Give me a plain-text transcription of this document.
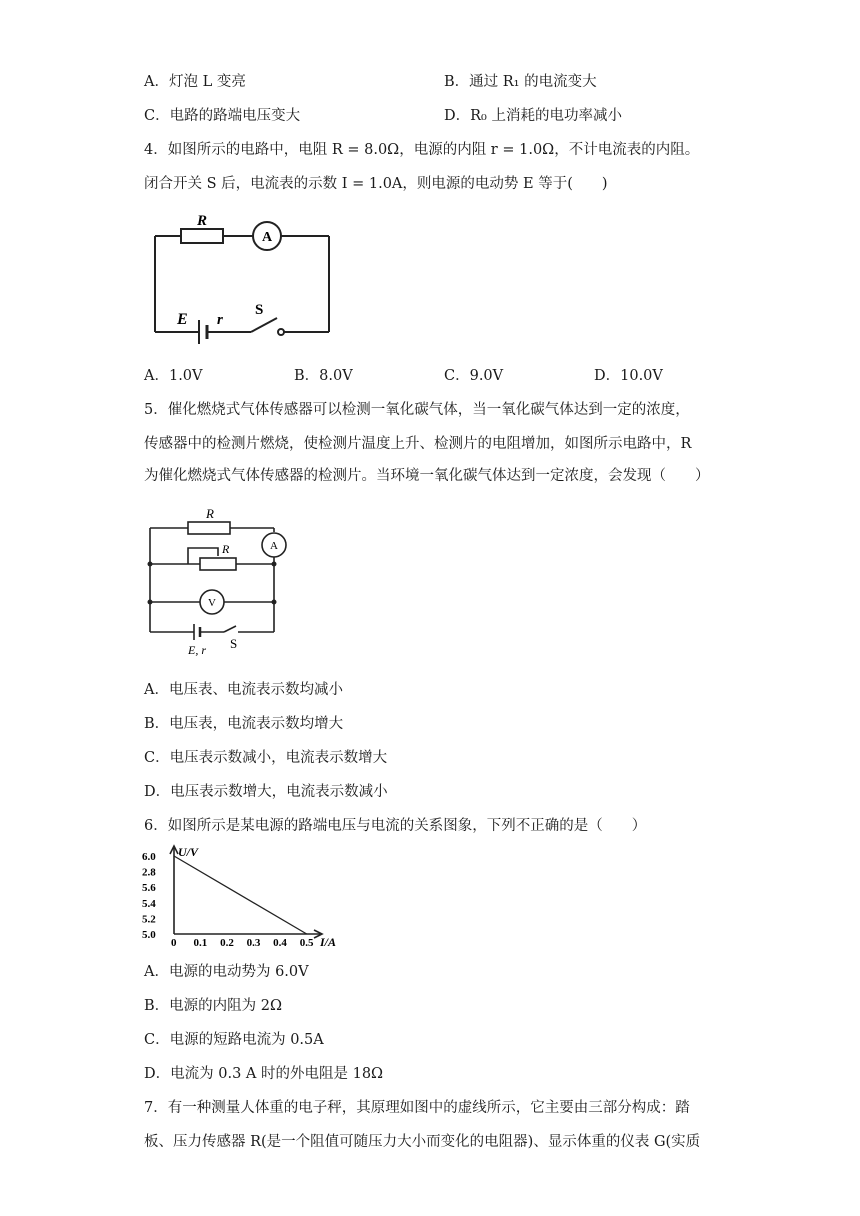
A．灯泡 L 变亮	B．通过 R₁ 的电流变大
C．电路的路端电压变大	D．R₀ 上消耗的电功率减小
4．如图所示的电路中，电阻 R = 8.0Ω，电源的内阻 r = 1.0Ω，不计电流表的内阻。
闭合开关 S 后，电流表的示数 I = 1.0A，则电源的电动势 E 等于(　　)
R
A
E r
S
A．1.0V	B．8.0V	C．9.0V	D．10.0V
5．催化燃烧式气体传感器可以检测一氧化碳气体，当一氧化碳气体达到一定的浓度，
传感器中的检测片燃烧，使检测片温度上升、检测片的电阻增加，如图所示电路中，R
为催化燃烧式气体传感器的检测片。当环境一氧化碳气体达到一定浓度，会发现（　　）
R
R	A
V
E, r S
A．电压表、电流表示数均减小
B．电压表，电流表示数均增大
C．电压表示数减小，电流表示数增大
D．电压表示数增大，电流表示数减小
6．如图所示是某电源的路端电压与电流的关系图象，下列不正确的是（　　）
5.0
5.2
5.4
5.6
2.8
6.0
0 0.1 0.2 0.3 0.4 0.5
U/V
I/A
A．电源的电动势为 6.0V
B．电源的内阻为 2Ω
C．电源的短路电流为 0.5A
D．电流为 0.3 A 时的外电阻是 18Ω
7．有一种测量人体重的电子秤，其原理如图中的虚线所示，它主要由三部分构成：踏
板、压力传感器 R(是一个阻值可随压力大小而变化的电阻器)、显示体重的仪表 G(实质
